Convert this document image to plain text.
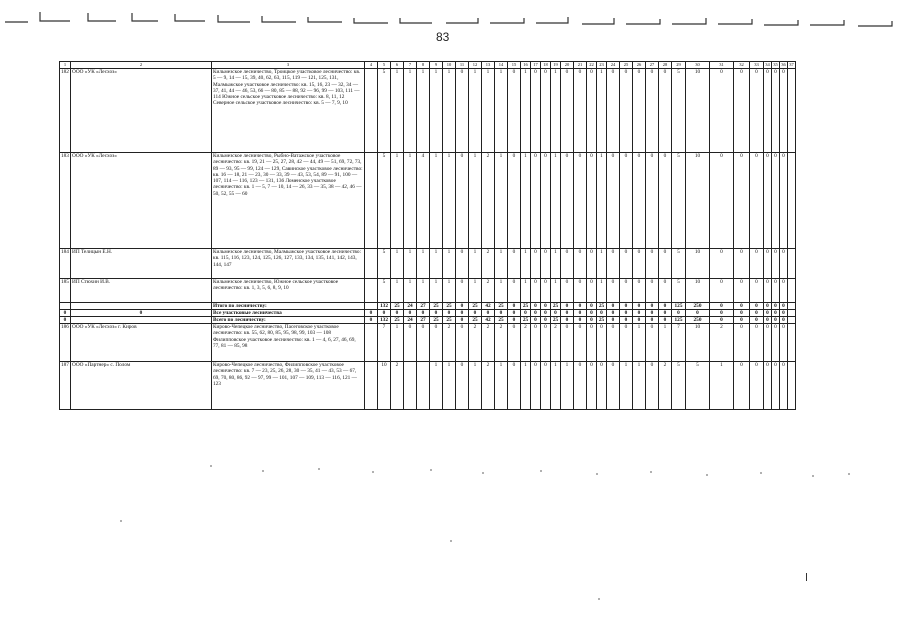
83
1	2	3	4	5	6	7	8	9	10	11	12	13	14	15	16	17	18	19	20	21	22	23	24	25	26	27	28	29	30	31	32	33	34	35	36	37
182	ООО «УК «Лесхоз»	Кильмезское лесничество, Троицкое участковое лесничество: кв. 5 — 9, 14 — 15, 39, 40, 62, 63, 115, 119 — 121, 125, 131, Малмыжское участковое лесничество: кв. 15, 16, 23 — 32, 34 — 37, 41, 44 — 46, 53, 66 — 80, 85 — 88, 92 — 96, 99 — 103, 111 — 114 Южное сельское участковое лесничество: кв. 8, 11, 12 Северное сельское участковое лесничество: кв. 5 — 7, 9, 10		5	1	1	1	1	1	0	1	1	1	0	1	0	0	1	0	0	0	1	0	0	0	0	0	5	10	0	0	0	0	0	0	
183	ООО «УК «Лесхоз»	Кильмезское лесничество, Рыбно-Ватажское участковое лесничество: кв. 19, 21 — 25, 27, 28, 42 — 44, 49 — 51, 69, 72, 73, 89 — 93, 95 — 99, 124 — 129, Савинское участковое лесничество: кв. 16 — 18, 21 — 23, 30 — 33, 39 — 43, 53, 54, 89 — 91, 100 — 107, 114 — 116, 123 — 131, 136 Ломенское участковое лесничество: кв. 1 — 5, 7 — 10, 14 — 26, 33 — 35, 38 — 42, 46 — 50, 52, 55 — 60		5	1	1	4	1	1	0	1	2	1	0	1	0	0	1	0	0	0	1	0	0	0	0	0	5	10	0	0	0	0	0	0	
184	ИП Телицын Е.Н.	Кильмезское лесничество, Малмыжское участковое лесничество: кв. 115, 116, 123, 124, 125, 126, 127, 133, 134, 135, 141, 142, 143, 144, 147		5	1	1	1	1	1	0	1	2	1	0	1	0	0	1	0	0	0	1	0	0	0	0	0	5	10	0	0	0	0	0	0	
185	ИП Стюхин И.В.	Кильмезское лесничество, Южное сельское участковое лесничество: кв. 1, 3, 5, 6, 8, 9, 10		5	1	1	1	1	1	0	1	2	1	0	1	0	0	1	0	0	0	1	0	0	0	0	0	5	10	0	0	0	0	0	0	
		Итого по лесничеству:		132	25	24	27	25	25	0	25	42	25	0	25	0	0	25	0	0	0	25	0	0	0	0	0	125	250	0	0	0	0	0	0	
0	0	Все участковые лесничества	0	0	0	0	0	0	0	0	0	0	0	0	0	0	0	0	0	0	0	0	0	0	0	0	0	0	0	0	0	0	0	0	0	
0		Всего по лесничеству:	0	132	25	24	27	25	25	0	25	42	25	0	25	0	0	25	0	0	0	25	0	0	0	0	0	125	250	0	0	0	0	0	0	
186	ООО «УК «Лесхоз» г. Киров	Кирово-Чепецкое лесничество, Пасеговское участковое лесничество: кв. 55, 62, 80, 85, 95, 98, 99, 103 — 108 Филипповское участковое лесничество: кв. 1 — 4, 6, 27, 46, 69, 77, 81 — 85, 98		7	1	0	0	0	2	0	2	2	2	0	2	0	0	2	0	0	0	0	0	0	1	0	1	7	10	2	0	0	0	0	0	
187	ООО «Партнер» с. Полом	Кирово-Чепецкое лесничество, Филипповское участковое лесничество: кв. 7 — 23, 25, 26, 28, 30 — 35, 41 — 43, 53 — 67, 69, 70, 80, 86, 92 — 97, 99 — 101, 107 — 109, 113 — 116, 121 — 123		10	2			1	1	0	1	2	1	0	1	0	0	1	1	0	0	0	0	1	1	0	2	5	5	1	0	0	0	0	0	
